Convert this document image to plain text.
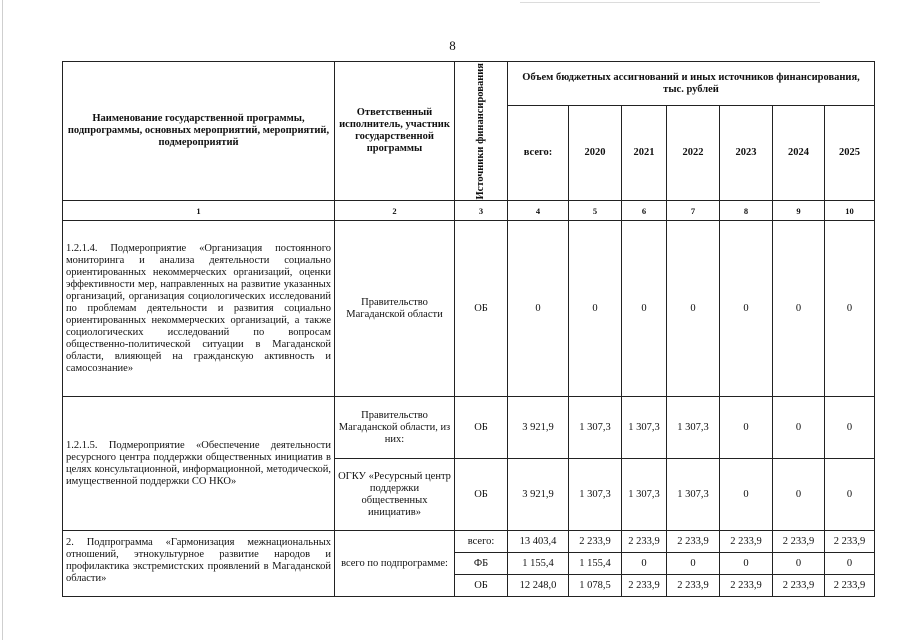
8
Наименование государственной программы, подпрограммы, основных мероприятий, мероприятий, подмероприятий	Ответственный исполнитель, участник государственной программы	Источники финансирования	Объем бюджетных ассигнований и иных источников финансирования, тыс. рублей						
			всего:	2020	2021	2022	2023	2024	2025
1	2	3	4	5	6	7	8	9	10
1.2.1.4. Подмероприятие «Организация постоянного мониторинга и анализа деятельности социально ориентированных некоммерческих организаций, оценки эффективности мер, направленных на развитие указанных организаций, организация социологических исследований по проблемам деятельности и развития социально ориентированных некоммерческих организаций, а также социологических исследований по вопросам общественно-политической ситуации в Магаданской области, влияющей на гражданскую активность и самосознание»	Правительство Магаданской области	ОБ	0	0	0	0	0	0	0
1.2.1.5. Подмероприятие «Обеспечение деятельности ресурсного центра поддержки общественных инициатив в целях консультационной, информационной, методической, имущественной поддержки СО НКО»	Правительство Магаданской области, из них:	ОБ	3 921,9	1 307,3	1 307,3	1 307,3	0	0	0
	ОГКУ «Ресурсный центр поддержки общественных инициатив»	ОБ	3 921,9	1 307,3	1 307,3	1 307,3	0	0	0
2. Подпрограмма «Гармонизация межнациональных отношений, этнокультурное развитие народов и профилактика экстремистских проявлений в Магаданской области»	всего по подпрограмме:	всего:	13 403,4	2 233,9	2 233,9	2 233,9	2 233,9	2 233,9	2 233,9
		ФБ	1 155,4	1 155,4	0	0	0	0	0
		ОБ	12 248,0	1 078,5	2 233,9	2 233,9	2 233,9	2 233,9	2 233,9
